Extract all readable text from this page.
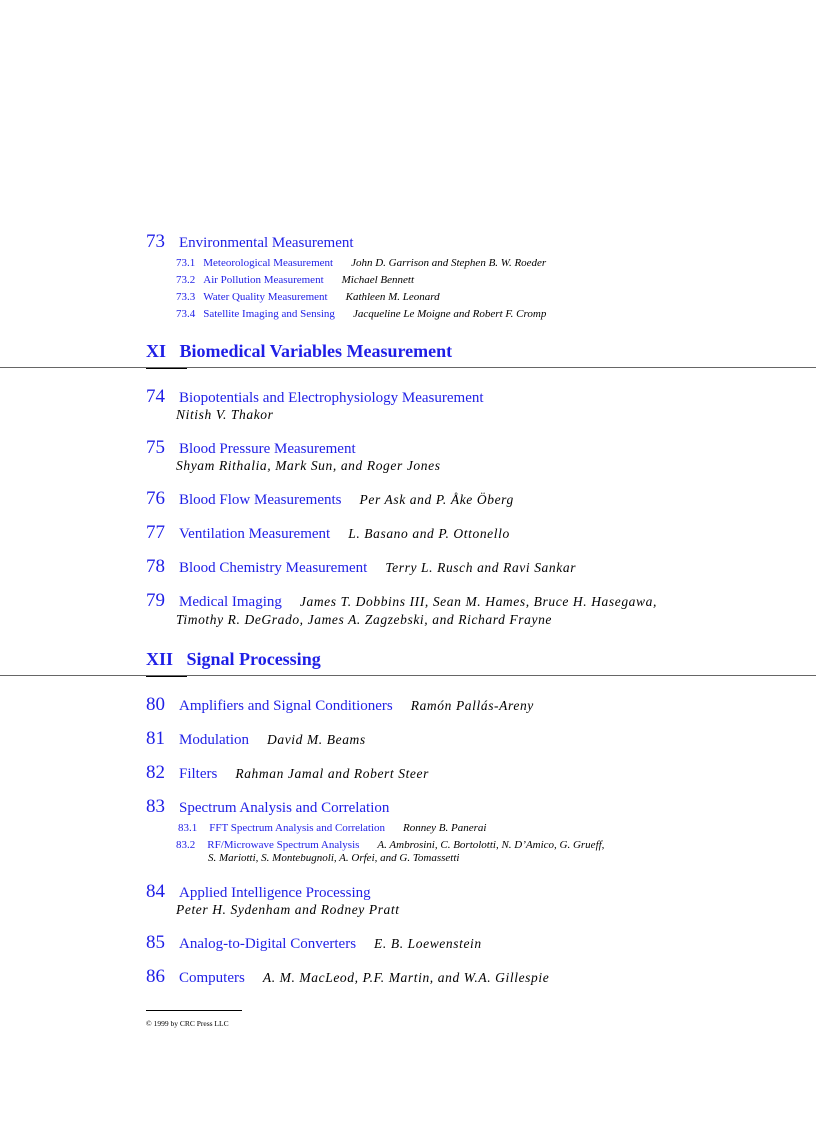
73 Environmental Measurement
73.1 Meteorological Measurement John D. Garrison and Stephen B. W. Roeder
73.2 Air Pollution Measurement Michael Bennett
73.3 Water Quality Measurement Kathleen M. Leonard
73.4 Satellite Imaging and Sensing Jacqueline Le Moigne and Robert F. Cromp
XI Biomedical Variables Measurement
74 Biopotentials and Electrophysiology Measurement
Nitish V. Thakor
75 Blood Pressure Measurement
Shyam Rithalia, Mark Sun, and Roger Jones
76 Blood Flow Measurements Per Ask and P. Åke Öberg
77 Ventilation Measurement L. Basano and P. Ottonello
78 Blood Chemistry Measurement Terry L. Rusch and Ravi Sankar
79 Medical Imaging James T. Dobbins III, Sean M. Hames, Bruce H. Hasegawa,
Timothy R. DeGrado, James A. Zagzebski, and Richard Frayne
XII Signal Processing
80 Amplifiers and Signal Conditioners Ramón Pallás-Areny
81 Modulation David M. Beams
82 Filters Rahman Jamal and Robert Steer
83 Spectrum Analysis and Correlation
83.1 FFT Spectrum Analysis and Correlation Ronney B. Panerai
83.2 RF/Microwave Spectrum Analysis A. Ambrosini, C. Bortolotti, N. D’Amico, G. Grueff,
S. Mariotti, S. Montebugnoli, A. Orfei, and G. Tomassetti
84 Applied Intelligence Processing
Peter H. Sydenham and Rodney Pratt
85 Analog-to-Digital Converters E. B. Loewenstein
86 Computers A. M. MacLeod, P.F. Martin, and W.A. Gillespie
© 1999 by CRC Press LLC
